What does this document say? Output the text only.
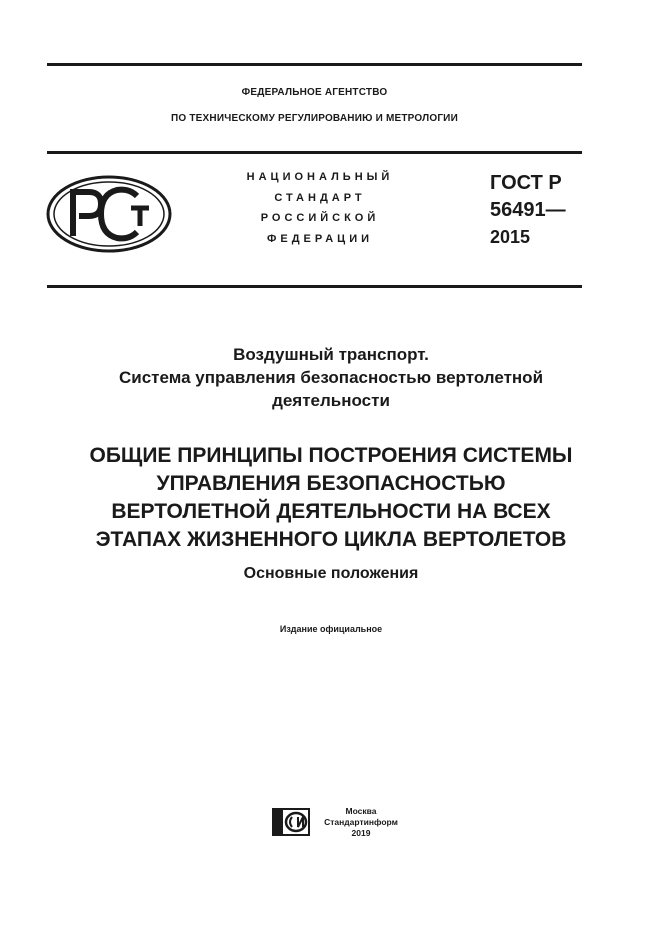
ФЕДЕРАЛЬНОЕ АГЕНТСТВО
ПО ТЕХНИЧЕСКОМУ РЕГУЛИРОВАНИЮ И МЕТРОЛОГИИ
НАЦИОНАЛЬНЫЙ
СТАНДАРТ
РОССИЙСКОЙ
ФЕДЕРАЦИИ
ГОСТ Р
56491—
2015
Воздушный транспорт.
Система управления безопасностью вертолетной
деятельности
ОБЩИЕ ПРИНЦИПЫ ПОСТРОЕНИЯ СИСТЕМЫ
УПРАВЛЕНИЯ БЕЗОПАСНОСТЬЮ
ВЕРТОЛЕТНОЙ ДЕЯТЕЛЬНОСТИ НА ВСЕХ
ЭТАПАХ ЖИЗНЕННОГО ЦИКЛА ВЕРТОЛЕТОВ
Основные положения
Издание официальное
Москва
Стандартинформ
2019
